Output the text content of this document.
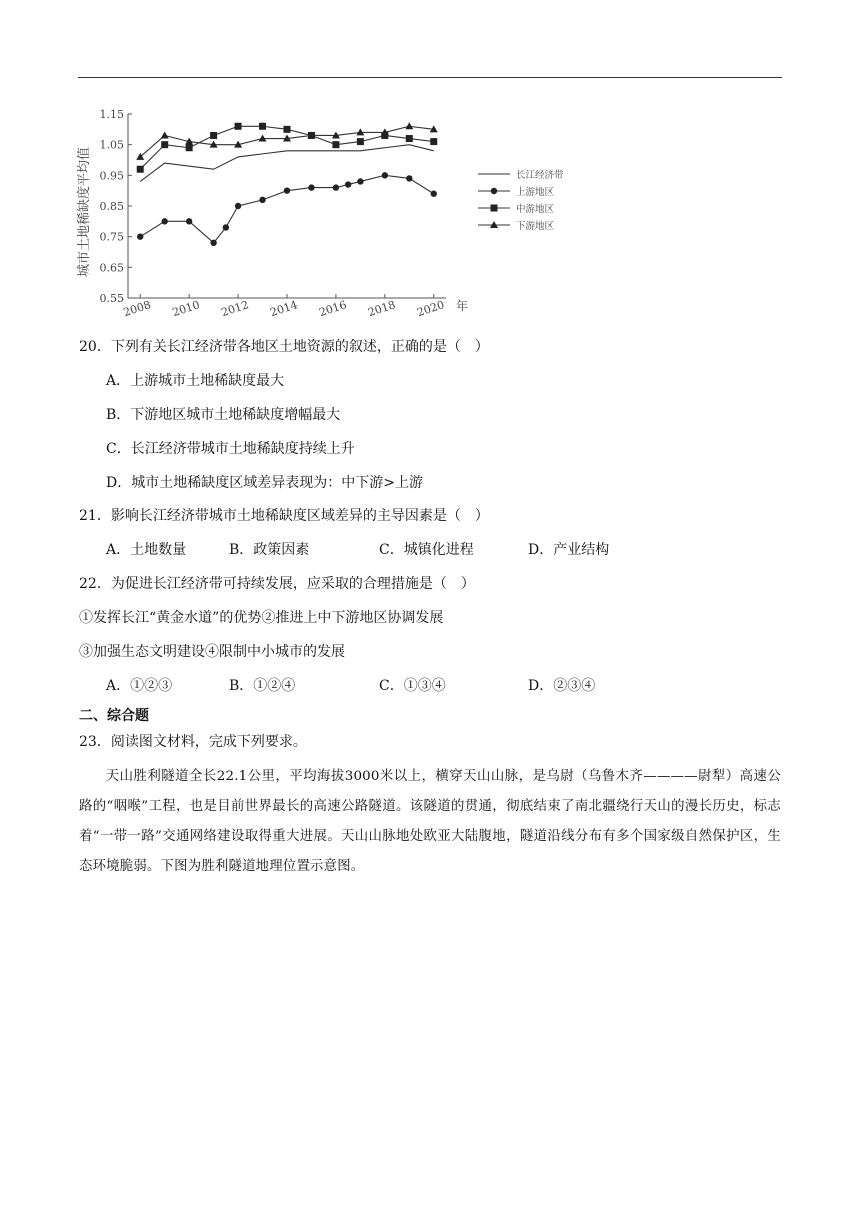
1.15
1.05
0.95
0.85
0.75
0.65
0.55
2008 2010 2012 2014 2016 2018 2020 年
城市土地稀缺度平均值	长江经济带
上游地区
中游地区
下游地区
20．下列有关长江经济带各地区土地资源的叙述，正确的是（　）
A．上游城市土地稀缺度最大
B．下游地区城市土地稀缺度增幅最大
C．长江经济带城市土地稀缺度持续上升
D．城市土地稀缺度区域差异表现为：中下游>上游
21．影响长江经济带城市土地稀缺度区域差异的主导因素是（　）
A．土地数量	B．政策因素	C．城镇化进程	D．产业结构
22．为促进长江经济带可持续发展，应采取的合理措施是（　）
①发挥长江“黄金水道”的优势②推进上中下游地区协调发展
③加强生态文明建设④限制中小城市的发展
A．①②③	B．①②④	C．①③④	D．②③④
二、综合题
23．阅读图文材料，完成下列要求。
天山胜利隧道全长22.1公里，平均海拔3000米以上，横穿天山山脉，是乌尉（乌鲁木齐————尉犁）高速公路的“咽喉”工程，也是目前世界最长的高速公路隧道。该隧道的贯通，彻底结束了南北疆绕行天山的漫长历史，标志着“一带一路”交通网络建设取得重大进展。天山山脉地处欧亚大陆腹地，隧道沿线分布有多个国家级自然保护区，生态环境脆弱。下图为胜利隧道地理位置示意图。
